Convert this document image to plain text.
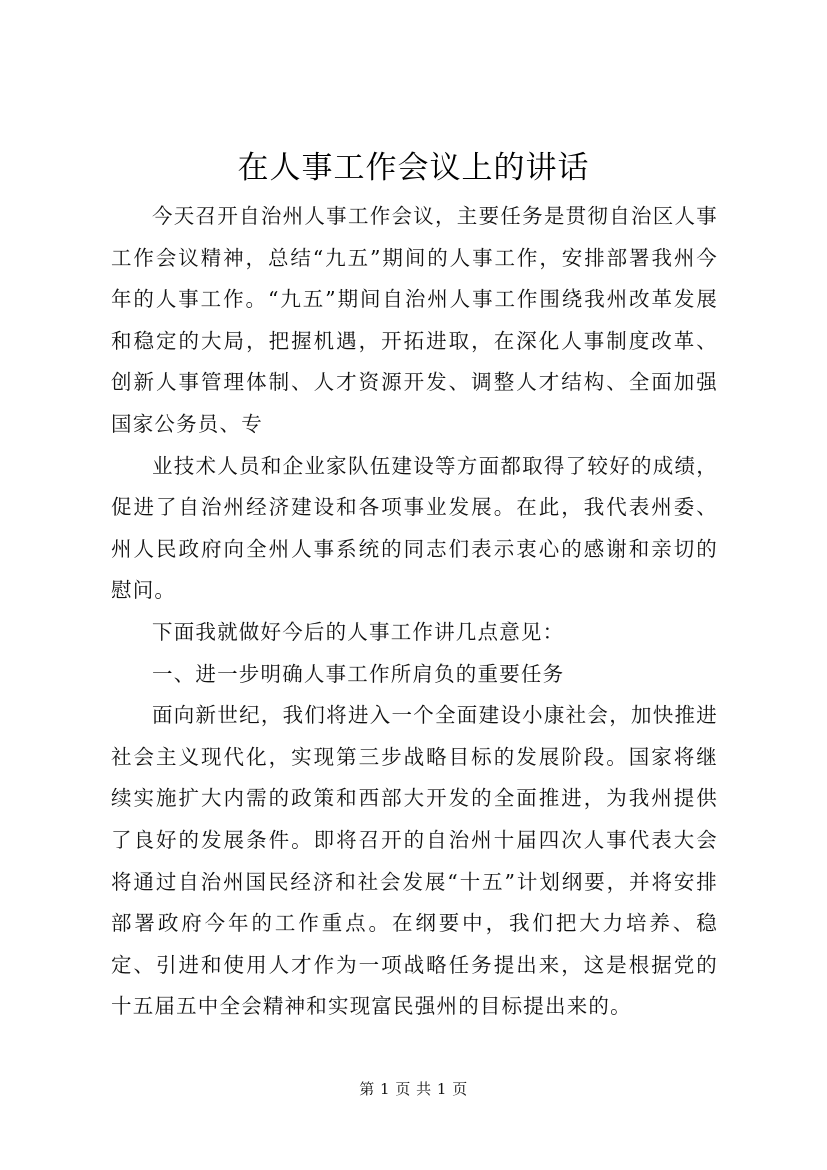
在人事工作会议上的讲话

今天召开自治州人事工作会议，主要任务是贯彻自治区人事工作会议精神，总结“九五”期间的人事工作，安排部署我州今年的人事工作。“九五”期间自治州人事工作围绕我州改革发展和稳定的大局，把握机遇，开拓进取，在深化人事制度改革、创新人事管理体制、人才资源开发、调整人才结构、全面加强国家公务员、专

业技术人员和企业家队伍建设等方面都取得了较好的成绩，促进了自治州经济建设和各项事业发展。在此，我代表州委、州人民政府向全州人事系统的同志们表示衷心的感谢和亲切的慰问。

下面我就做好今后的人事工作讲几点意见：

一、进一步明确人事工作所肩负的重要任务

面向新世纪，我们将进入一个全面建设小康社会，加快推进社会主义现代化，实现第三步战略目标的发展阶段。国家将继续实施扩大内需的政策和西部大开发的全面推进，为我州提供了良好的发展条件。即将召开的自治州十届四次人事代表大会将通过自治州国民经济和社会发展“十五”计划纲要，并将安排部署政府今年的工作重点。在纲要中，我们把大力培养、稳定、引进和使用人才作为一项战略任务提出来，这是根据党的十五届五中全会精神和实现富民强州的目标提出来的。

第 1 页 共 1 页
